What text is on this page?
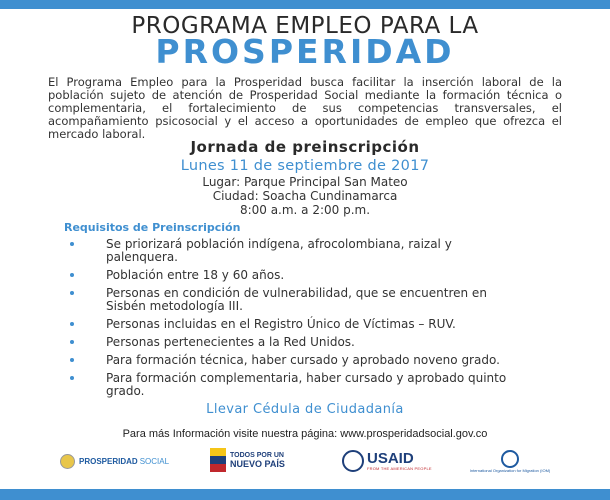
PROGRAMA EMPLEO PARA LA
PROSPERIDAD
El Programa Empleo para la Prosperidad busca facilitar la inserción laboral de la población sujeto de atención de Prosperidad Social mediante la formación técnica o complementaria, el fortalecimiento de sus competencias transversales, el acompañamiento psicosocial y el acceso a oportunidades de empleo que ofrezca el mercado laboral.
Jornada de preinscripción
Lunes 11 de septiembre de 2017
Lugar: Parque Principal San Mateo
Ciudad: Soacha Cundinamarca
8:00 a.m. a 2:00 p.m.
Requisitos de Preinscripción
Se priorizará población indígena, afrocolombiana, raizal y palenquera.
Población entre 18 y 60 años.
Personas en condición de vulnerabilidad, que se encuentren en Sisbén metodología III.
Personas incluidas en el Registro Único de Víctimas – RUV.
Personas pertenecientes a la Red Unidos.
Para formación técnica, haber cursado y aprobado noveno grado.
Para formación complementaria, haber cursado y aprobado quinto grado.
Llevar Cédula de Ciudadanía
Para más Información visite nuestra página: www.prosperidadsocial.gov.co
PROSPERIDAD SOCIAL
TODOS POR UN
NUEVO PAÍS	USAID
FROM THE AMERICAN PEOPLE	International Organization for Migration (IOM)
